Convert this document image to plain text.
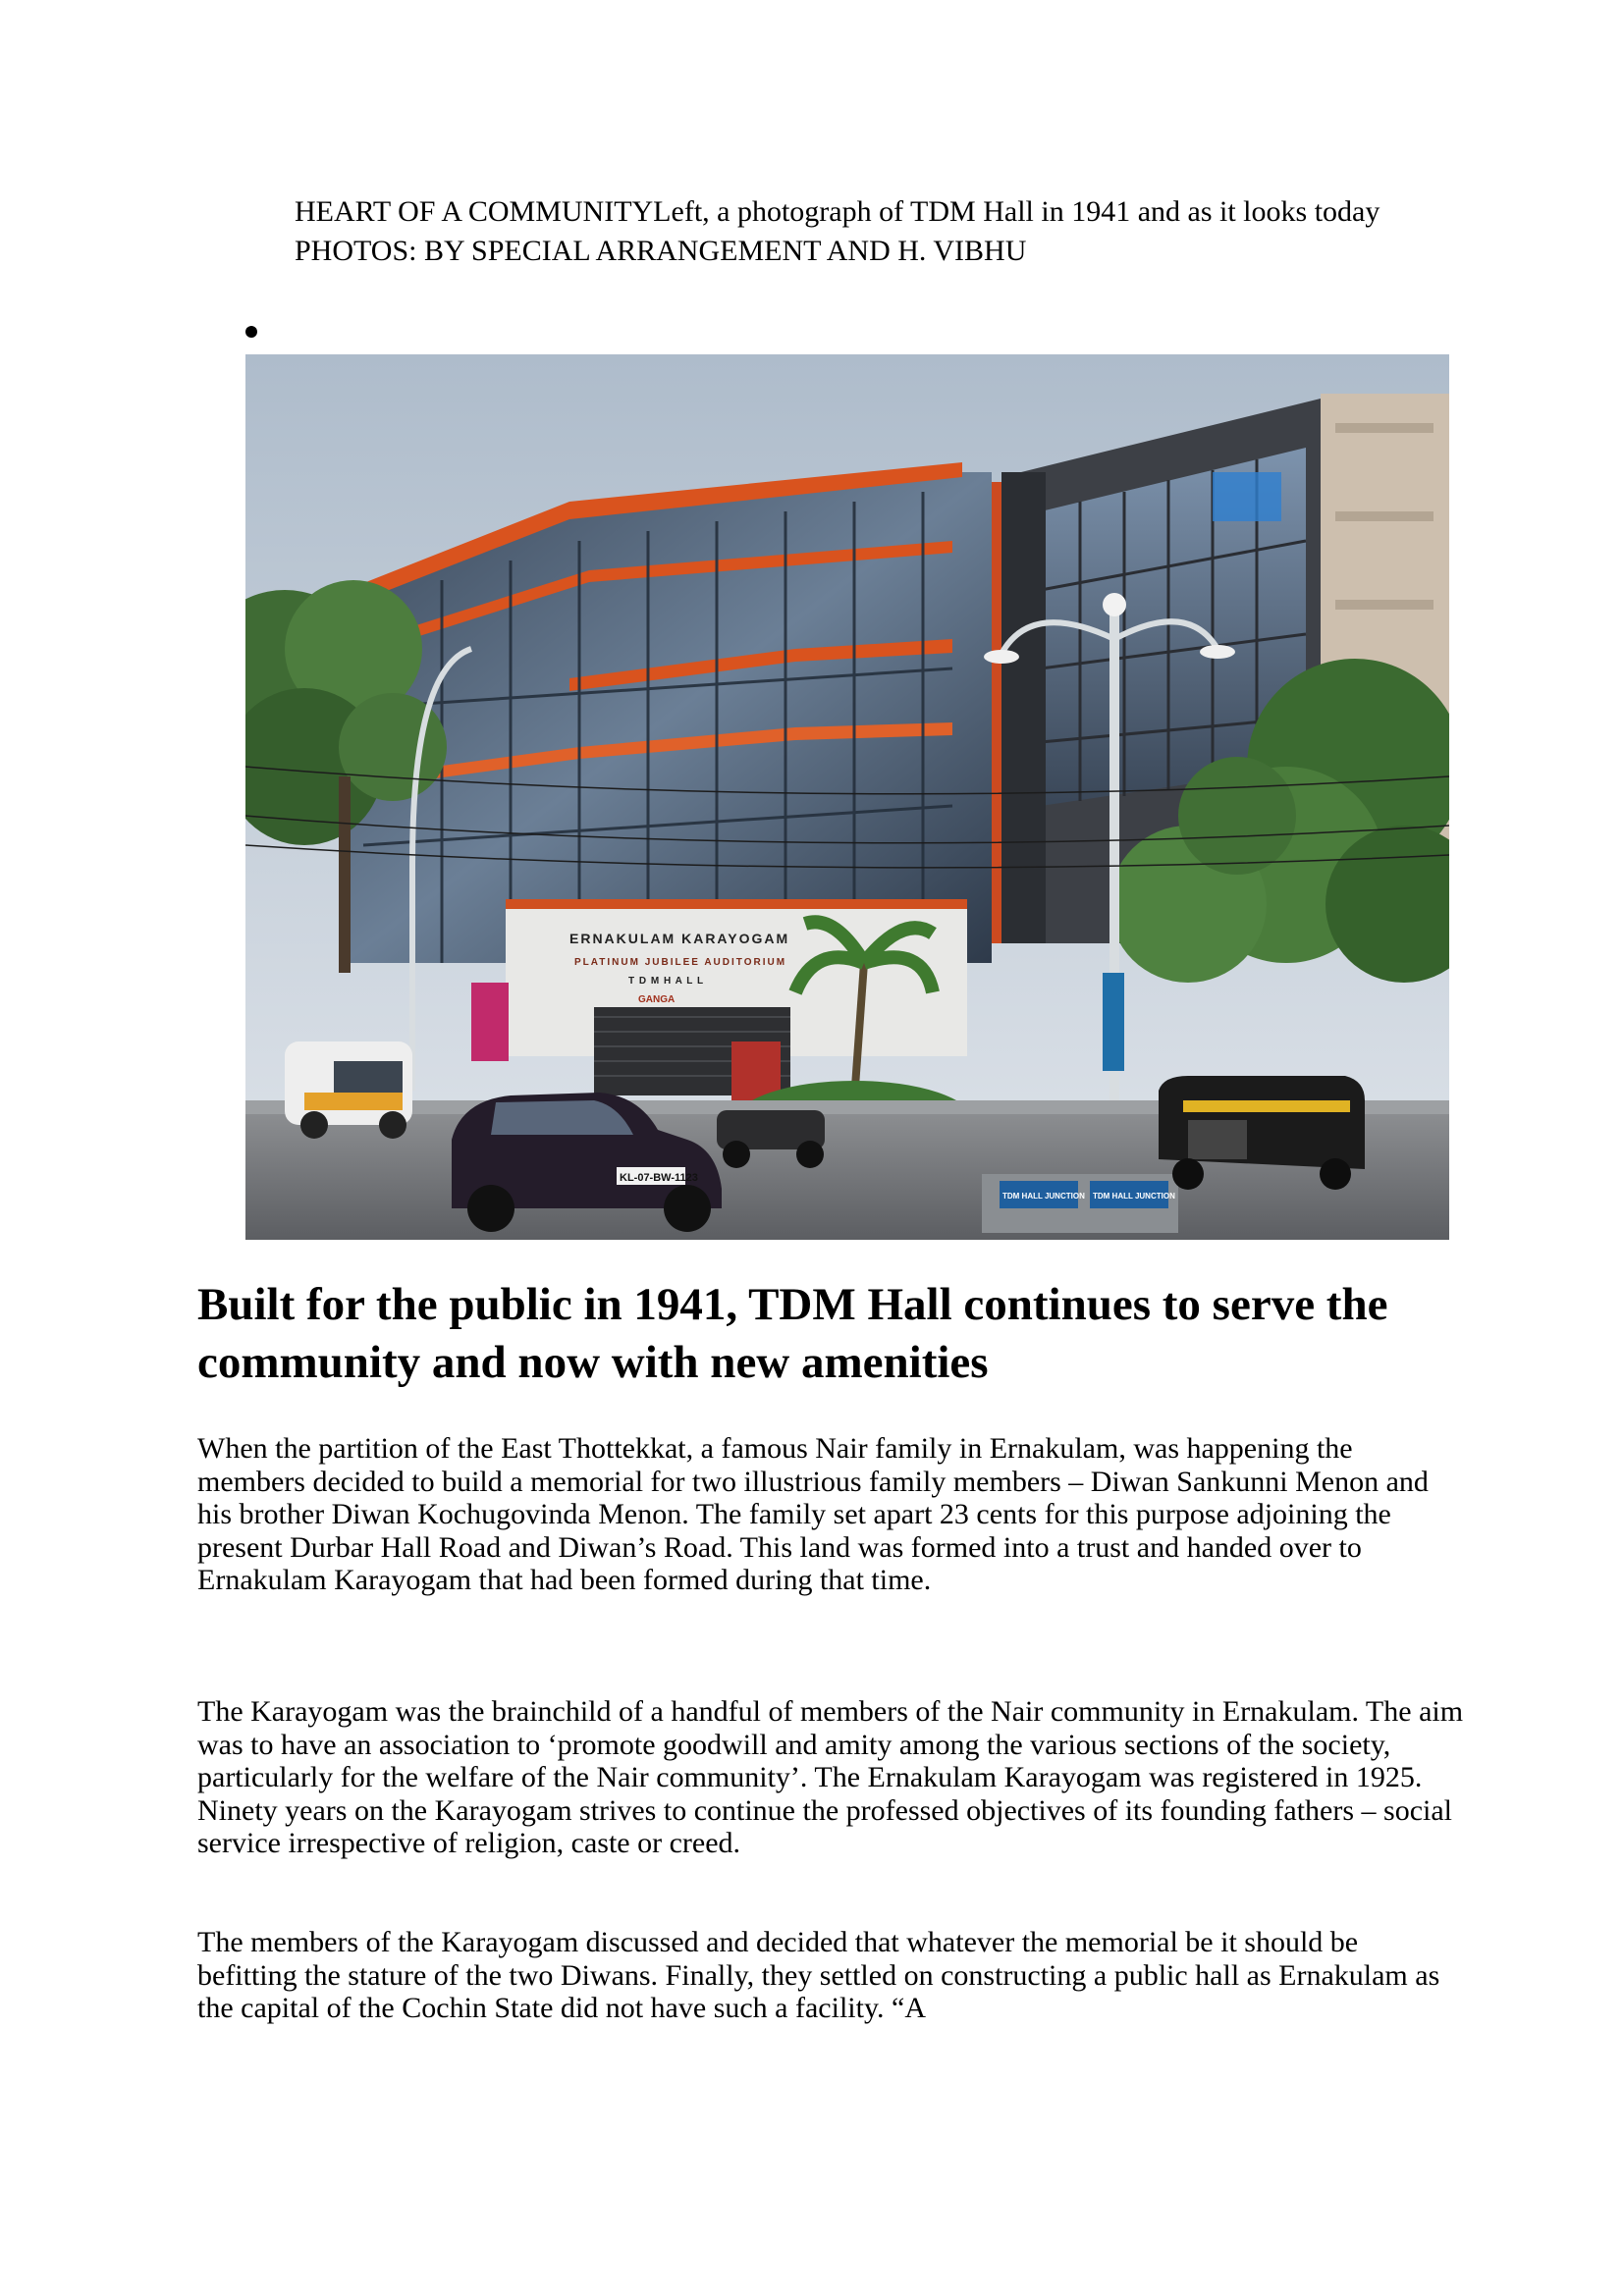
HEART OF A COMMUNITYLeft, a photograph of TDM Hall in 1941 and as it looks today PHOTOS: BY SPECIAL ARRANGEMENT AND H. VIBHU
ERNAKULAM KARAYOGAM
PLATINUM JUBILEE AUDITORIUM
T D M H A L L
GANGA
KL-07-BW-1123
TDM HALL JUNCTION TDM HALL JUNCTION
Built for the public in 1941, TDM Hall continues to serve the community and now with new amenities

When the partition of the East Thottekkat, a famous Nair family in Ernakulam, was happening the members decided to build a memorial for two illustrious family members – Diwan Sankunni Menon and his brother Diwan Kochugovinda Menon. The family set apart 23 cents for this purpose adjoining the present Durbar Hall Road and Diwan’s Road. This land was formed into a trust and handed over to Ernakulam Karayogam that had been formed during that time.

The Karayogam was the brainchild of a handful of members of the Nair community in Ernakulam. The aim was to have an association to ‘promote goodwill and amity among the various sections of the society, particularly for the welfare of the Nair community’. The Ernakulam Karayogam was registered in 1925. Ninety years on the Karayogam strives to continue the professed objectives of its founding fathers – social service irrespective of religion, caste or creed.

The members of the Karayogam discussed and decided that whatever the memorial be it should be befitting the stature of the two Diwans. Finally, they settled on constructing a public hall as Ernakulam as the capital of the Cochin State did not have such a facility. “A
